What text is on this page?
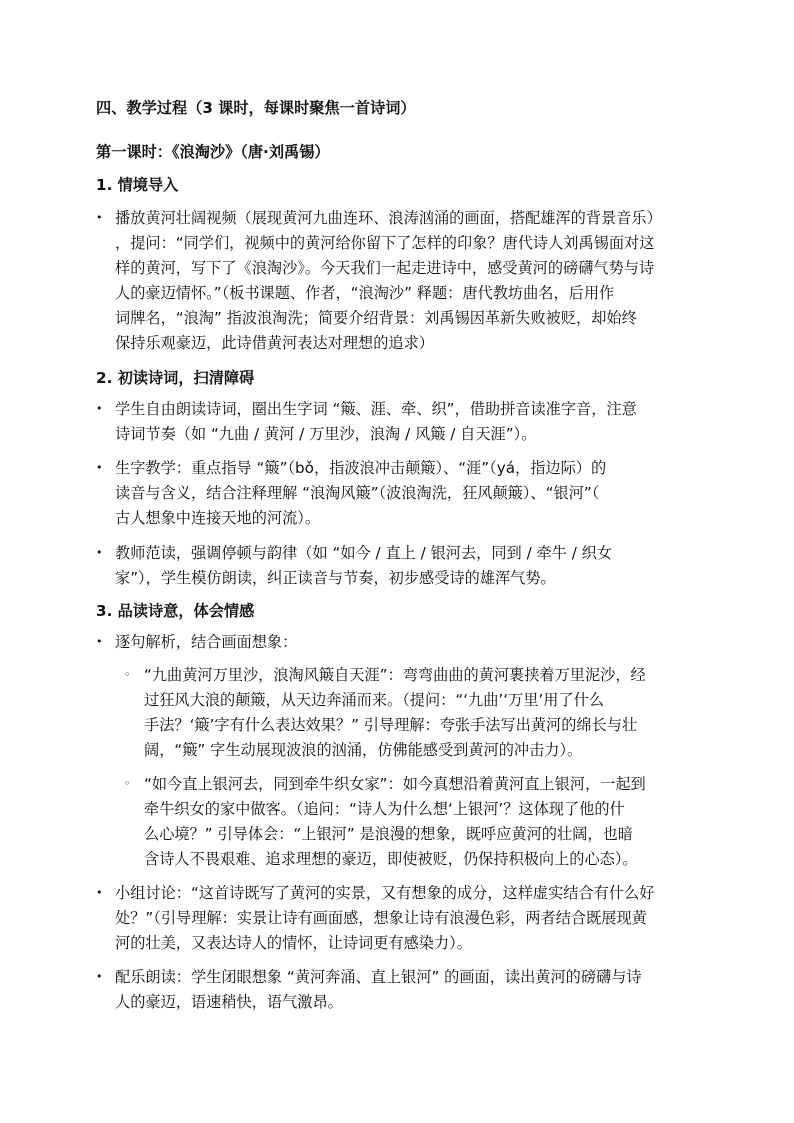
四、教学过程（3 课时，每课时聚焦一首诗词）
第一课时：《浪淘沙》（唐·刘禹锡）
1. 情境导入
• 播放黄河壮阔视频（展现黄河九曲连环、浪涛汹涌的画面，搭配雄浑的背景音乐）
，提问：“同学们，视频中的黄河给你留下了怎样的印象？唐代诗人刘禹锡面对这
样的黄河，写下了《浪淘沙》。今天我们一起走进诗中，感受黄河的磅礴气势与诗
人的豪迈情怀。”（板书课题、作者，“浪淘沙” 释题：唐代教坊曲名，后用作
词牌名，“浪淘” 指波浪淘洗；简要介绍背景：刘禹锡因革新失败被贬，却始终
保持乐观豪迈，此诗借黄河表达对理想的追求）
2. 初读诗词，扫清障碍
• 学生自由朗读诗词，圈出生字词 “簸、涯、牵、织”，借助拼音读准字音，注意
诗词节奏（如 “九曲 / 黄河 / 万里沙，浪淘 / 风簸 / 自天涯”）。
• 生字教学：重点指导 “簸”（bǒ，指波浪冲击颠簸）、“涯”（yá，指边际）的
读音与含义，结合注释理解 “浪淘风簸”（波浪淘洗，狂风颠簸）、“银河”（
古人想象中连接天地的河流）。
• 教师范读，强调停顿与韵律（如 “如今 / 直上 / 银河去，同到 / 牵牛 / 织女
家”），学生模仿朗读，纠正读音与节奏，初步感受诗的雄浑气势。
3. 品读诗意，体会情感
• 逐句解析，结合画面想象：
◦ “九曲黄河万里沙，浪淘风簸自天涯”：弯弯曲曲的黄河裹挟着万里泥沙，经
过狂风大浪的颠簸，从天边奔涌而来。（提问：“‘九曲’‘万里’用了什么
手法？‘簸’字有什么表达效果？” 引导理解：夸张手法写出黄河的绵长与壮
阔，“簸” 字生动展现波浪的汹涌，仿佛能感受到黄河的冲击力）。
◦ “如今直上银河去，同到牵牛织女家”：如今真想沿着黄河直上银河，一起到
牵牛织女的家中做客。（追问：“诗人为什么想‘上银河’？这体现了他的什
么心境？” 引导体会：“上银河” 是浪漫的想象，既呼应黄河的壮阔，也暗
含诗人不畏艰难、追求理想的豪迈，即使被贬，仍保持积极向上的心态）。
• 小组讨论：“这首诗既写了黄河的实景，又有想象的成分，这样虚实结合有什么好
处？”（引导理解：实景让诗有画面感，想象让诗有浪漫色彩，两者结合既展现黄
河的壮美，又表达诗人的情怀，让诗词更有感染力）。
• 配乐朗读：学生闭眼想象 “黄河奔涌、直上银河” 的画面，读出黄河的磅礴与诗
人的豪迈，语速稍快，语气激昂。
